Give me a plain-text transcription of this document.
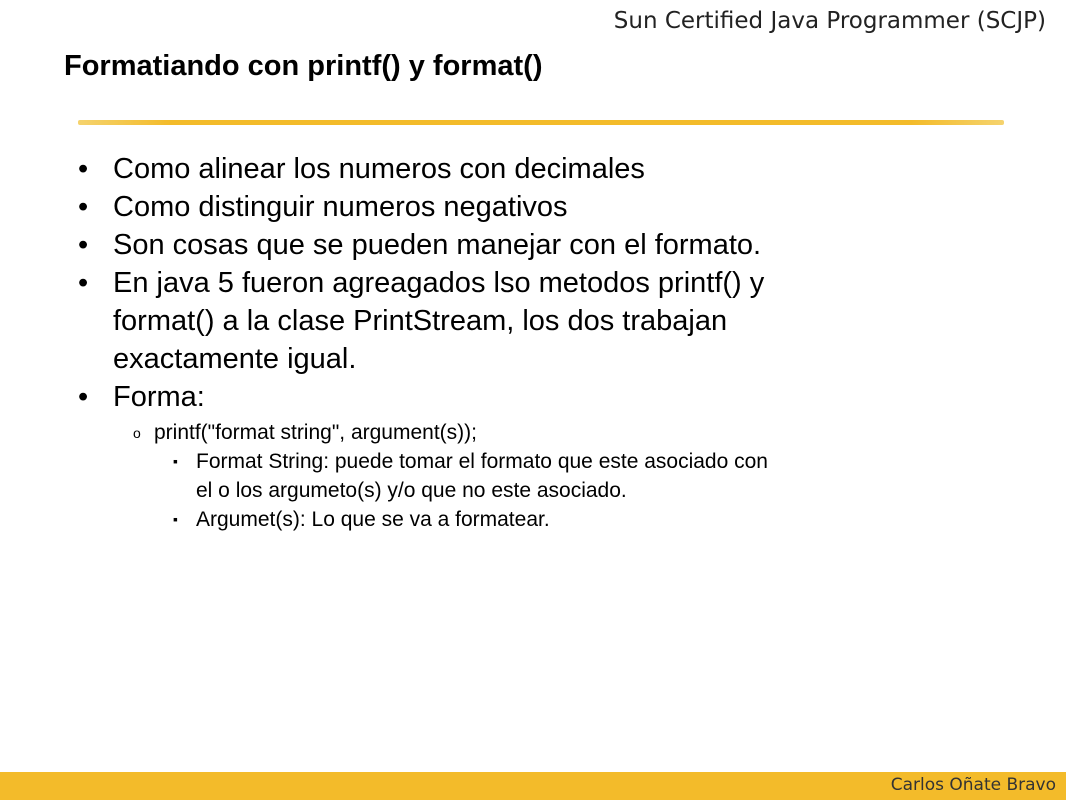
Sun Certified Java Programmer (SCJP)
Formatiando con printf() y format()
• Como alinear los numeros con decimales
• Como distinguir numeros negativos
• Son cosas que se pueden manejar con el formato.
• En java 5 fueron agreagados lso metodos printf() y
format() a la clase PrintStream, los dos trabajan
exactamente igual.
• Forma:
o printf("format string", argument(s));
▪ Format String: puede tomar el formato que este asociado con
el o los argumeto(s) y/o que no este asociado.
▪ Argumet(s): Lo que se va a formatear.
Carlos Oñate Bravo
